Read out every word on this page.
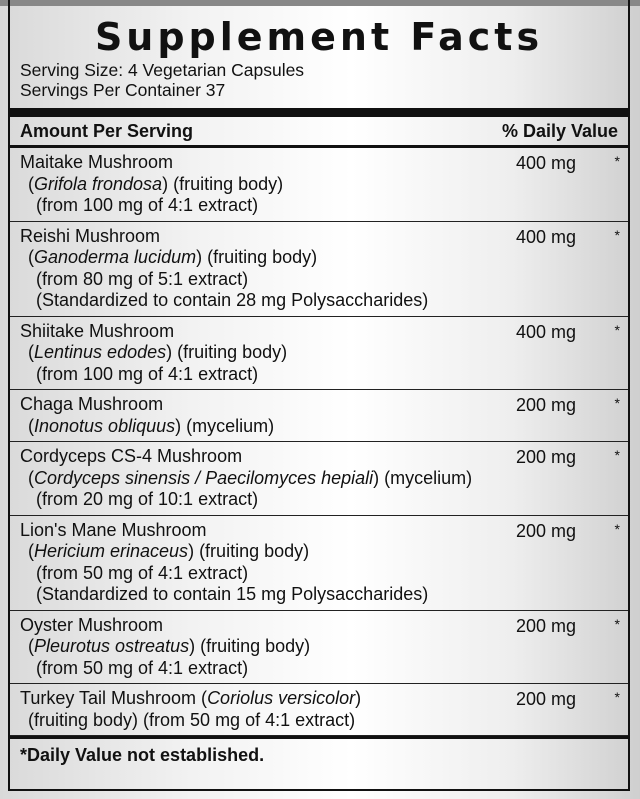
Supplement Facts
Serving Size: 4 Vegetarian Capsules
Servings Per Container 37
Amount Per Serving	% Daily Value
Maitake Mushroom
(Grifola frondosa) (fruiting body)
(from 100 mg of 4:1 extract)
400 mg	*
Reishi Mushroom
(Ganoderma lucidum) (fruiting body)
(from 80 mg of 5:1 extract)
(Standardized to contain 28 mg Polysaccharides)
400 mg	*
Shiitake Mushroom
(Lentinus edodes) (fruiting body)
(from 100 mg of 4:1 extract)
400 mg	*
Chaga Mushroom
(Inonotus obliquus) (mycelium)
200 mg	*
Cordyceps CS-4 Mushroom
(Cordyceps sinensis / Paecilomyces hepiali) (mycelium)
(from 20 mg of 10:1 extract)
200 mg	*
Lion's Mane Mushroom
(Hericium erinaceus) (fruiting body)
(from 50 mg of 4:1 extract)
(Standardized to contain 15 mg Polysaccharides)
200 mg	*
Oyster Mushroom
(Pleurotus ostreatus) (fruiting body)
(from 50 mg of 4:1 extract)
200 mg	*
Turkey Tail Mushroom (Coriolus versicolor)
(fruiting body) (from 50 mg of 4:1 extract)
200 mg	*
*Daily Value not established.
